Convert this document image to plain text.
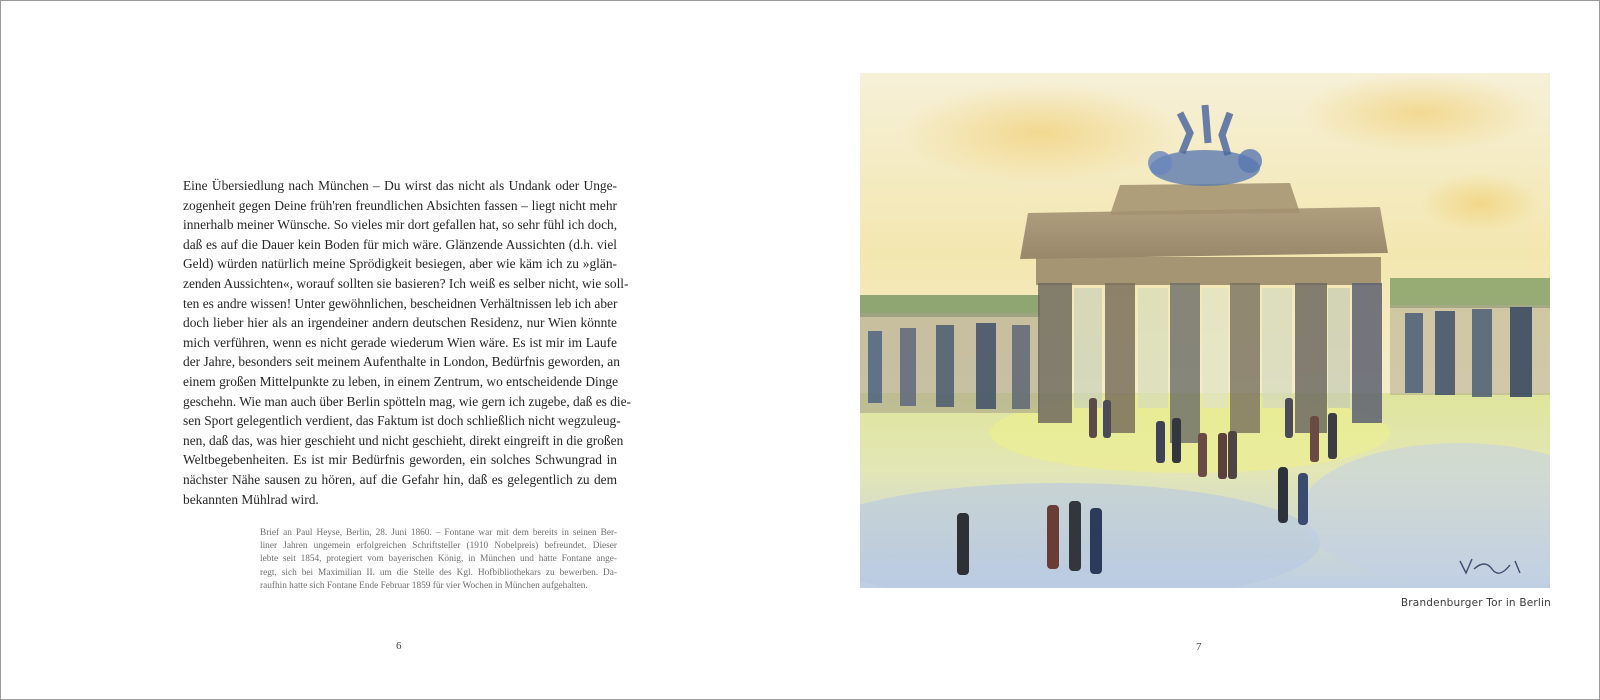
Eine Übersiedlung nach München – Du wirst das nicht als Undank oder Unge-
zogenheit gegen Deine früh'ren freundlichen Absichten fassen – liegt nicht mehr
innerhalb meiner Wünsche. So vieles mir dort gefallen hat, so sehr fühl ich doch,
daß es auf die Dauer kein Boden für mich wäre. Glänzende Aussichten (d.h. viel
Geld) würden natürlich meine Sprödigkeit besiegen, aber wie käm ich zu »glän-
zenden Aussichten«, worauf sollten sie basieren? Ich weiß es selber nicht, wie soll-
ten es andre wissen! Unter gewöhnlichen, bescheidnen Verhältnissen leb ich aber
doch lieber hier als an irgendeiner andern deutschen Residenz, nur Wien könnte
mich verführen, wenn es nicht gerade wiederum Wien wäre. Es ist mir im Laufe
der Jahre, besonders seit meinem Aufenthalte in London, Bedürfnis geworden, an
einem großen Mittelpunkte zu leben, in einem Zentrum, wo entscheidende Dinge
geschehn. Wie man auch über Berlin spötteln mag, wie gern ich zugebe, daß es die-
sen Sport gelegentlich verdient, das Faktum ist doch schließlich nicht wegzuleug-
nen, daß das, was hier geschieht und nicht geschieht, direkt eingreift in die großen
Weltbegebenheiten. Es ist mir Bedürfnis geworden, ein solches Schwungrad in
nächster Nähe sausen zu hören, auf die Gefahr hin, daß es gelegentlich zu dem
bekannten Mühlrad wird.
Brief an Paul Heyse, Berlin, 28. Juni 1860. – Fontane war mit dem bereits in seinen Ber-
liner Jahren ungemein erfolgreichen Schriftsteller (1910 Nobelpreis) befreundet. Dieser
lebte seit 1854, protegiert vom bayerischen König, in München und hatte Fontane ange-
regt, sich bei Maximilian II. um die Stelle des Kgl. Hofbibliothekars zu bewerben. Da-
raufhin hatte sich Fontane Ende Februar 1859 für vier Wochen in München aufgehalten.
6
Brandenburger Tor in Berlin
7
